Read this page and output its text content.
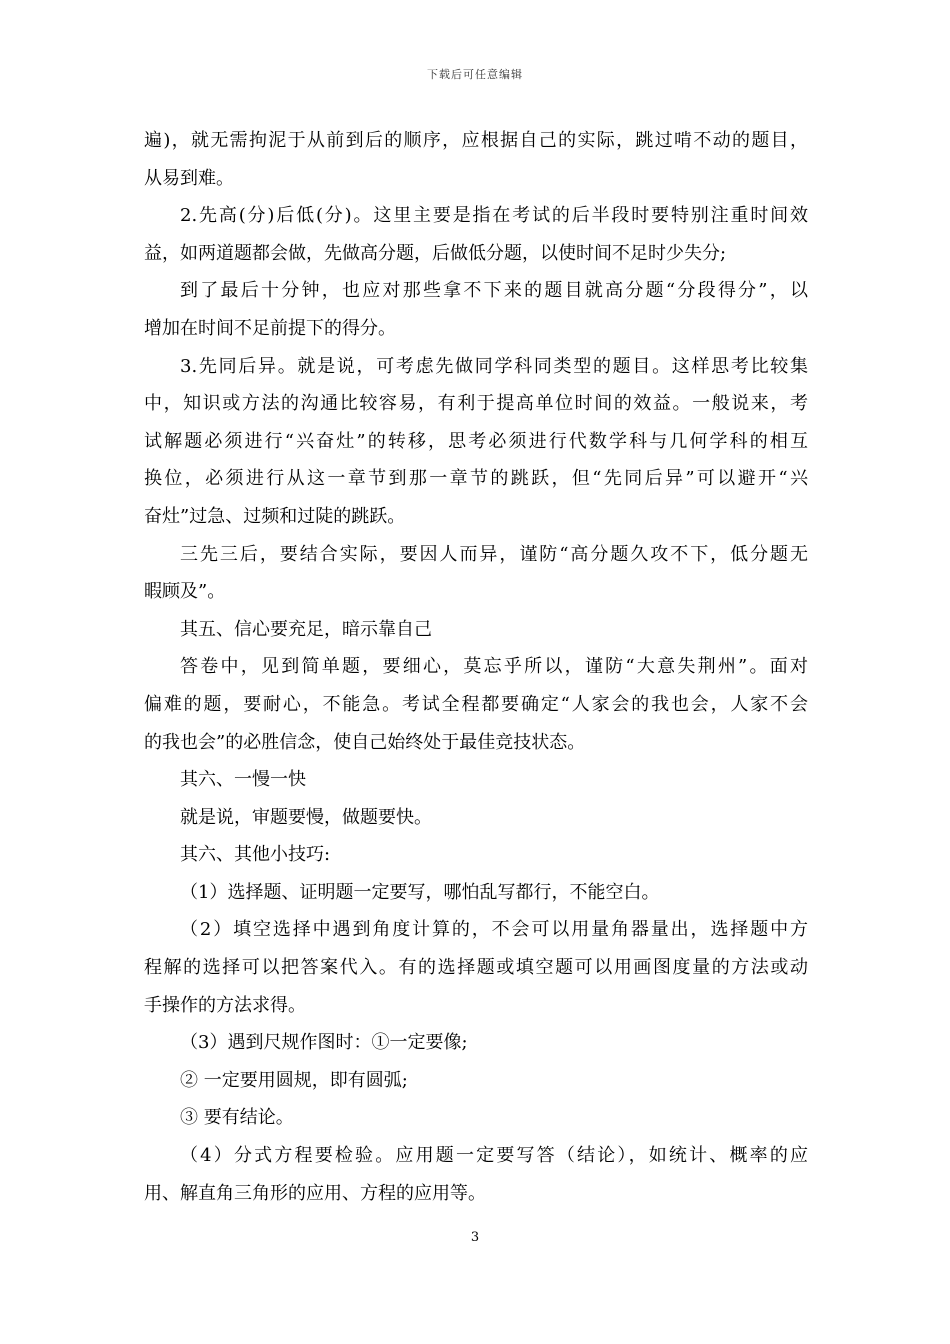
下载后可任意编辑
遍)，就无需拘泥于从前到后的顺序，应根据自己的实际，跳过啃不动的题目，
从易到难。
2.先高(分)后低(分)。这里主要是指在考试的后半段时要特别注重时间效
益，如两道题都会做，先做高分题，后做低分题，以使时间不足时少失分;
到了最后十分钟，也应对那些拿不下来的题目就高分题“分段得分”，以
增加在时间不足前提下的得分。
3.先同后异。就是说，可考虑先做同学科同类型的题目。这样思考比较集
中，知识或方法的沟通比较容易，有利于提高单位时间的效益。一般说来，考
试解题必须进行“兴奋灶”的转移，思考必须进行代数学科与几何学科的相互
换位，必须进行从这一章节到那一章节的跳跃，但“先同后异”可以避开“兴
奋灶”过急、过频和过陡的跳跃。
三先三后，要结合实际，要因人而异，谨防“高分题久攻不下，低分题无
暇顾及”。
其五、信心要充足，暗示靠自己
答卷中，见到简单题，要细心，莫忘乎所以，谨防“大意失荆州”。面对
偏难的题，要耐心，不能急。考试全程都要确定“人家会的我也会，人家不会
的我也会”的必胜信念，使自己始终处于最佳竞技状态。
其六、一慢一快
就是说，审题要慢，做题要快。
其六、其他小技巧:
（1）选择题、证明题一定要写，哪怕乱写都行，不能空白。
（2）填空选择中遇到角度计算的，不会可以用量角器量出，选择题中方
程解的选择可以把答案代入。有的选择题或填空题可以用画图度量的方法或动
手操作的方法求得。
（3）遇到尺规作图时：①一定要像;
② 一定要用圆规，即有圆弧;
③ 要有结论。
（4）分式方程要检验。应用题一定要写答（结论），如统计、概率的应
用、解直角三角形的应用、方程的应用等。
3
